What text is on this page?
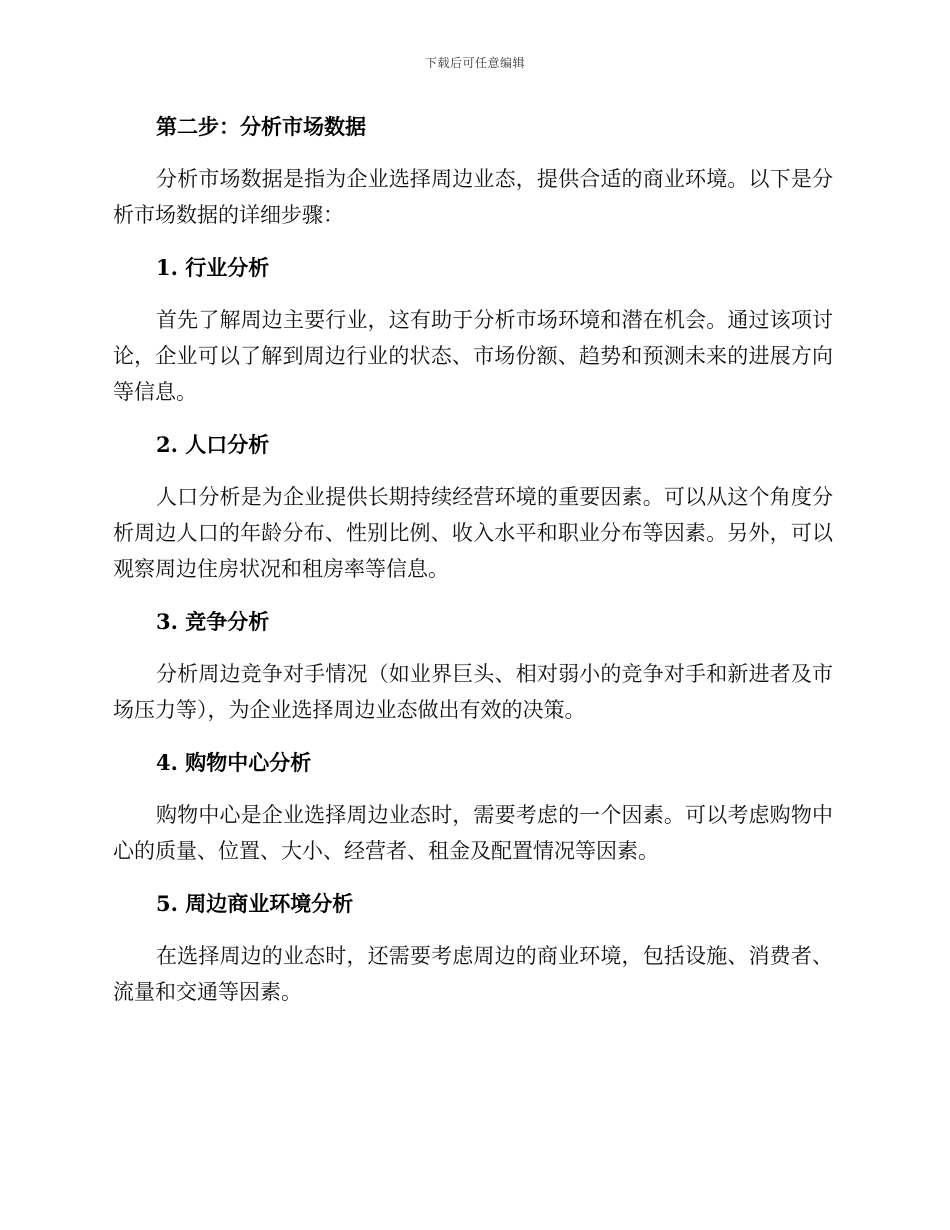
下载后可任意编辑
第二步：分析市场数据

分析市场数据是指为企业选择周边业态，提供合适的商业环境。以下是分析市场数据的详细步骤：

1. 行业分析

首先了解周边主要行业，这有助于分析市场环境和潜在机会。通过该项讨论，企业可以了解到周边行业的状态、市场份额、趋势和预测未来的进展方向等信息。

2. 人口分析

人口分析是为企业提供长期持续经营环境的重要因素。可以从这个角度分析周边人口的年龄分布、性别比例、收入水平和职业分布等因素。另外，可以观察周边住房状况和租房率等信息。

3. 竞争分析

分析周边竞争对手情况（如业界巨头、相对弱小的竞争对手和新进者及市场压力等），为企业选择周边业态做出有效的决策。

4. 购物中心分析

购物中心是企业选择周边业态时，需要考虑的一个因素。可以考虑购物中心的质量、位置、大小、经营者、租金及配置情况等因素。

5. 周边商业环境分析

在选择周边的业态时，还需要考虑周边的商业环境，包括设施、消费者、流量和交通等因素。
